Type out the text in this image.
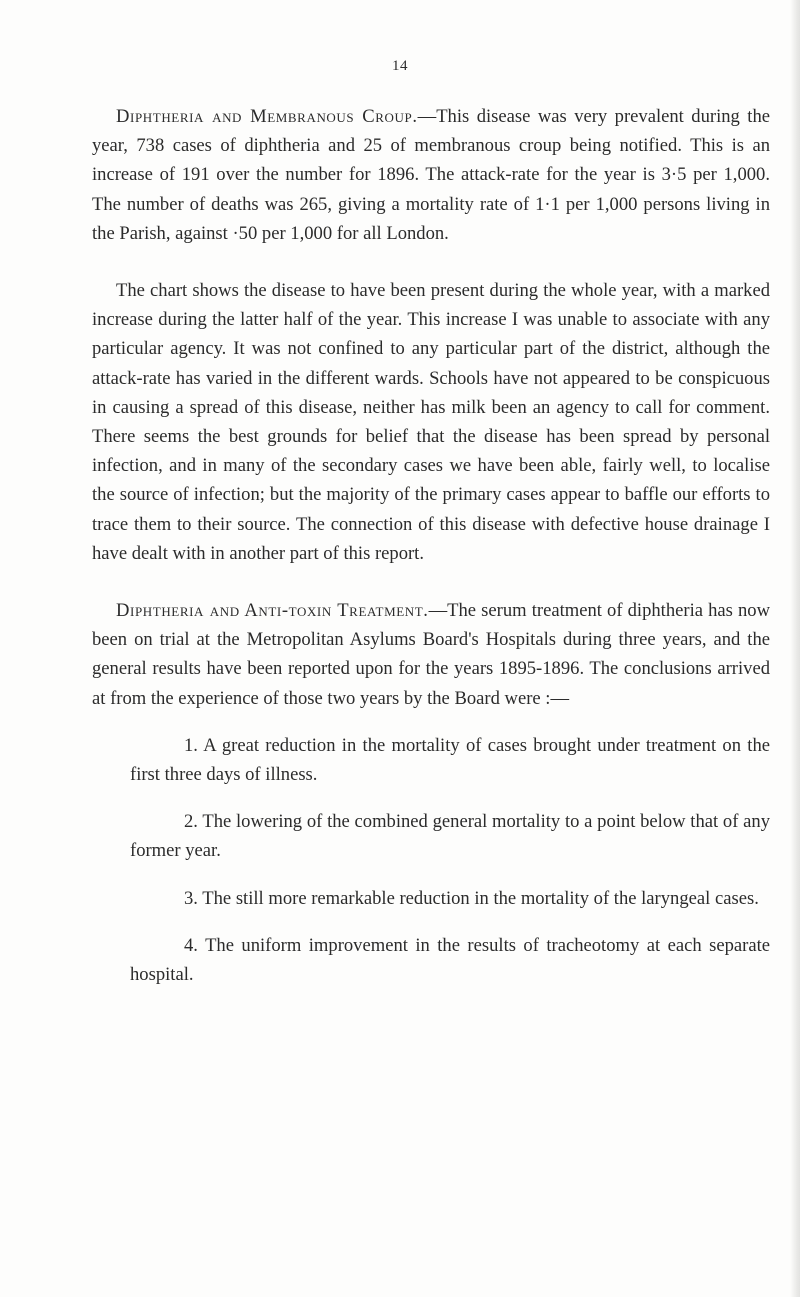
14

Diphtheria and Membranous Croup.—This disease was very prevalent during the year, 738 cases of diphtheria and 25 of membranous croup being notified. This is an increase of 191 over the number for 1896. The attack-rate for the year is 3·5 per 1,000. The number of deaths was 265, giving a mortality rate of 1·1 per 1,000 persons living in the Parish, against ·50 per 1,000 for all London.

The chart shows the disease to have been present during the whole year, with a marked increase during the latter half of the year. This increase I was unable to associate with any particular agency. It was not confined to any particular part of the district, although the attack-rate has varied in the different wards. Schools have not appeared to be conspicuous in causing a spread of this disease, neither has milk been an agency to call for comment. There seems the best grounds for belief that the disease has been spread by personal infection, and in many of the secondary cases we have been able, fairly well, to localise the source of infection; but the majority of the primary cases appear to baffle our efforts to trace them to their source. The connection of this disease with defective house drainage I have dealt with in another part of this report.

Diphtheria and Anti-toxin Treatment.—The serum treatment of diphtheria has now been on trial at the Metropolitan Asylums Board's Hospitals during three years, and the general results have been reported upon for the years 1895-1896. The conclusions arrived at from the experience of those two years by the Board were :—

1. A great reduction in the mortality of cases brought under treatment on the first three days of illness.
2. The lowering of the combined general mortality to a point below that of any former year.
3. The still more remarkable reduction in the mortality of the laryngeal cases.
4. The uniform improvement in the results of tracheotomy at each separate hospital.
